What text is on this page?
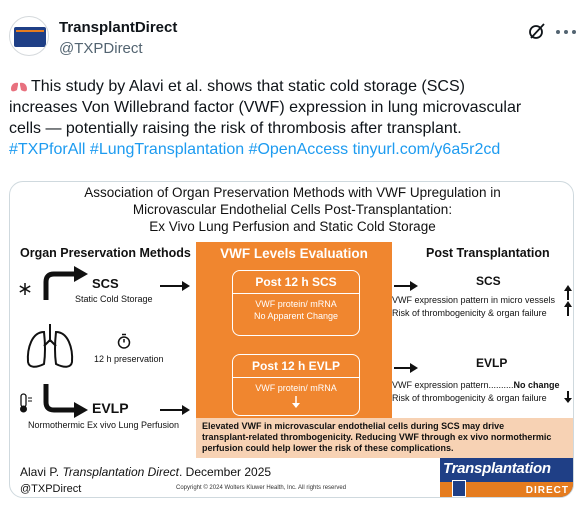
TransplantDirect
@TXPDirect
This study by Alavi et al. shows that static cold storage (SCS)
increases Von Willebrand factor (VWF) expression in lung microvascular
cells — potentially raising the risk of thrombosis after transplant.
#TXPforAll #LungTransplantation #OpenAccess tinyurl.com/y6a5r2cd
Association of Organ Preservation Methods with VWF Upregulation in
Microvascular Endothelial Cells Post-Transplantation:
Ex Vivo Lung Perfusion and Static Cold Storage
Organ Preservation Methods
SCS
Static Cold Storage
12 h preservation
EVLP
Normothermic Ex vivo Lung Perfusion
VWF Levels Evaluation
Post 12 h SCS
VWF protein/ mRNA
No Apparent Change
Post 12 h EVLP
VWF protein/ mRNA
Post Transplantation
SCS
VWF expression pattern in micro vessels
Risk of thrombogenicity & organ failure
EVLP
VWF expression pattern..........No change
Risk of thrombogenicity & organ failure
Elevated VWF in microvascular endothelial cells during SCS may drive
transplant-related thrombogenicity. Reducing VWF through ex vivo normothermic
perfusion could help lower the risk of these complications.
Alavi P. Transplantation Direct. December 2025
@TXPDirect	Copyright © 2024 Wolters Kluwer Health, Inc. All rights reserved
Transplantation
DIRECT
